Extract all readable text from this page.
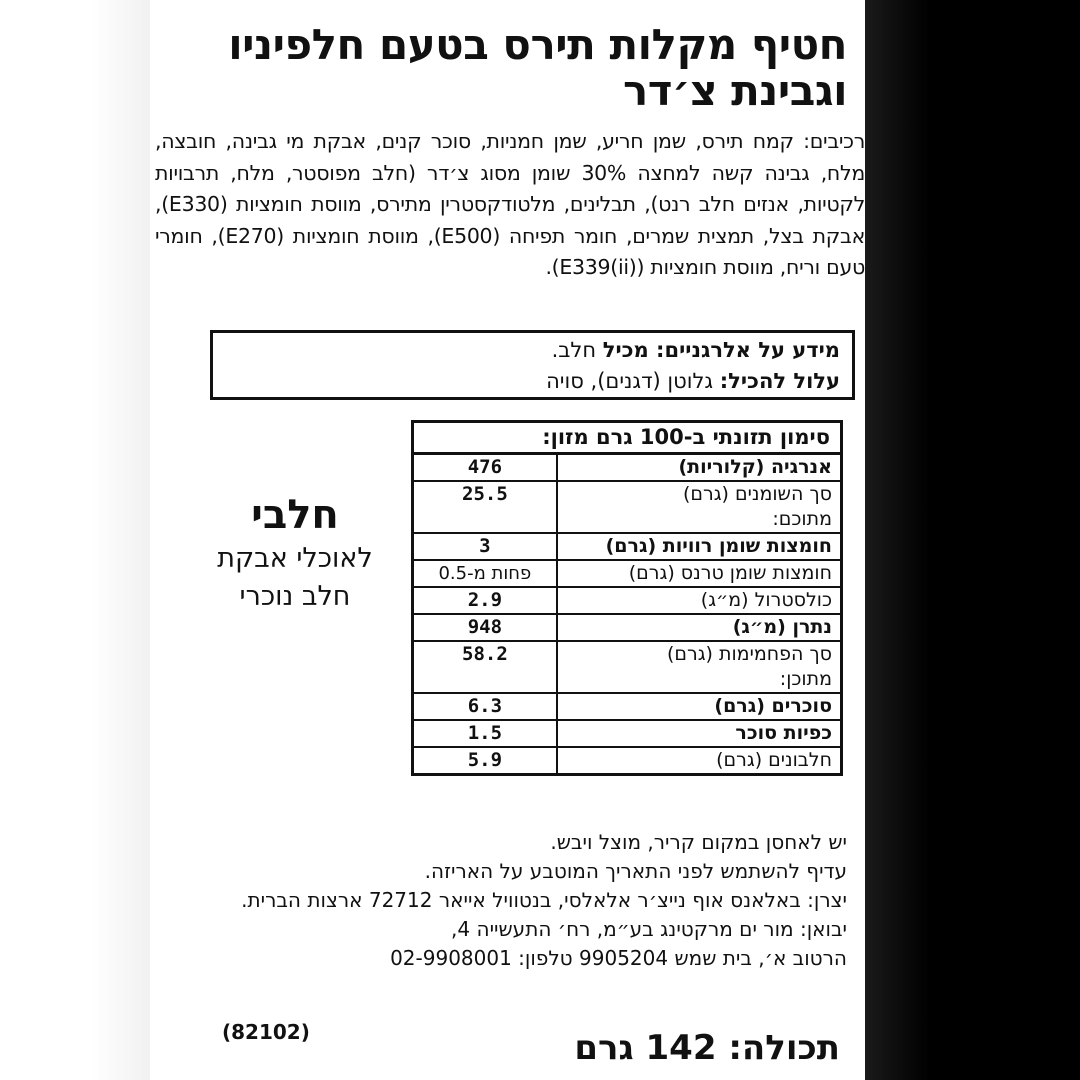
חטיף מקלות תירס בטעם חלפיניו וגבינת צ׳דר

רכיבים: קמח תירס, שמן חריע, שמן חמניות, סוכר קנים, אבקת מי גבינה, חובצה, מלח, גבינה קשה למחצה 30% שומן מסוג צ׳דר (חלב מפוסטר, מלח, תרבויות לקטיות, אנזים חלב רנט), תבלינים, מלטודקסטרין מתירס, מווסת חומציות (E330), אבקת בצל, תמצית שמרים, חומר תפיחה (E500), מווסת חומציות (E270), חומרי טעם וריח, מווסת חומציות (E339(ii)).

מידע על אלרגניים: מכיל חלב.

עלול להכיל: גלוטן (דגנים), סויה

סימון תזונתי ב-100 גרם מזון:	
אנרגיה (קלוריות)	476
סך השומנים (גרם)
מתוכם:	25.5
חומצות שומן רוויות (גרם)	3
חומצות שומן טרנס (גרם)	פחות מ-0.5
כולסטרול (מ״ג)	2.9
נתרן (מ״ג)	948
סך הפחמימות (גרם)
מתוכן:	58.2
סוכרים (גרם)	6.3
כפיות סוכר	1.5
חלבונים (גרם)	5.9

חלבי

לאוכלי אבקת

חלב נוכרי

יש לאחסן במקום קריר, מוצל ויבש.

עדיף להשתמש לפני התאריך המוטבע על האריזה.

יצרן: באלאנס אוף נייצ׳ר אלאלסי, בנטוויל אייאר 72712 ארצות הברית.

יבואן: מור ים מרקטינג בע״מ, רח׳ התעשייה 4,

הרטוב א׳, בית שמש 9905204 טלפון: 02-9908001

(82102)	תכולה: 142 גרם
